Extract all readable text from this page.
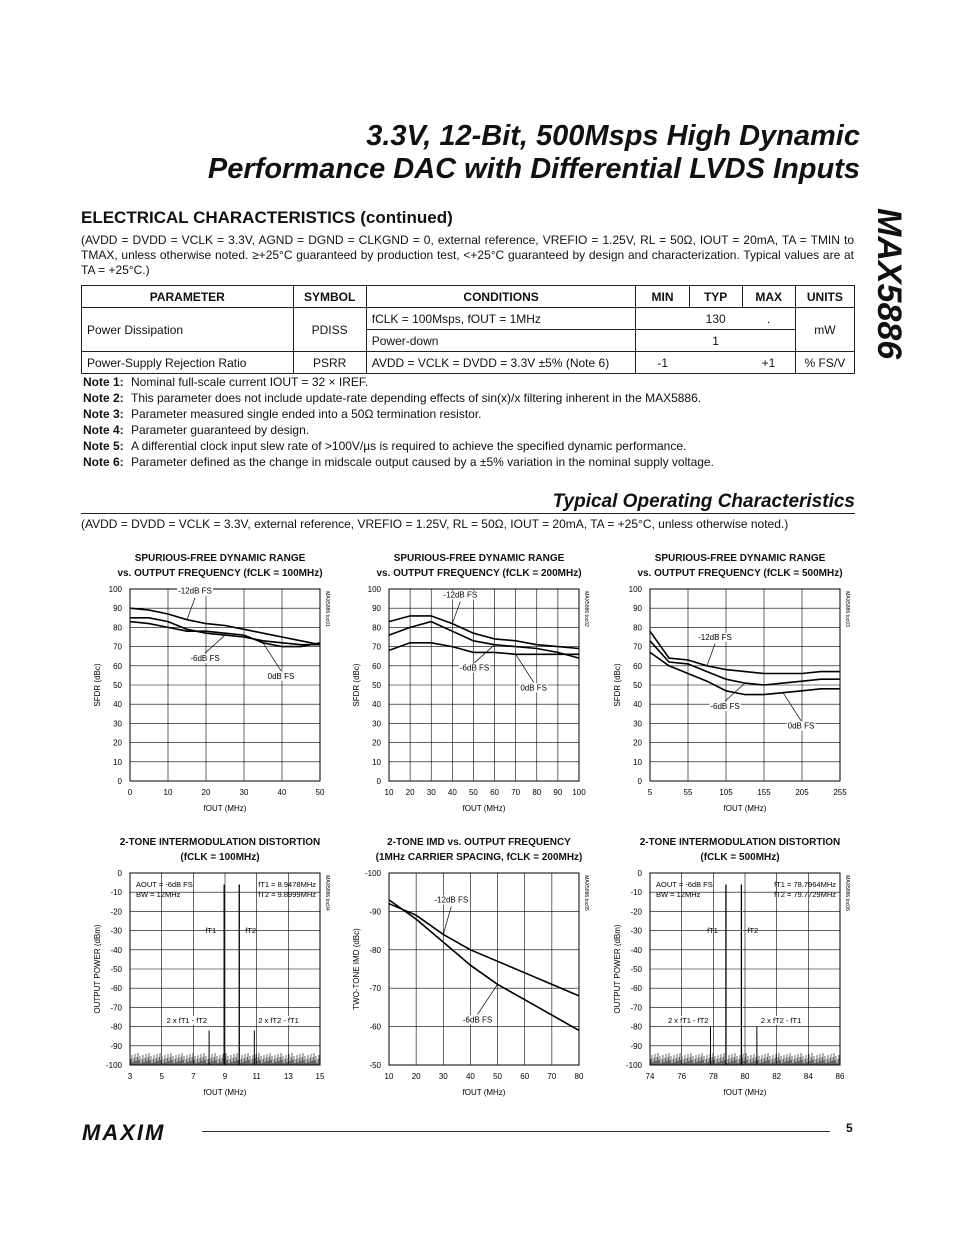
3.3V, 12-Bit, 500Msps High Dynamic
Performance DAC with Differential LVDS Inputs
MAX5886
ELECTRICAL CHARACTERISTICS (continued)
(AVDD = DVDD = VCLK = 3.3V, AGND = DGND = CLKGND = 0, external reference, VREFIO = 1.25V, RL = 50Ω, IOUT = 20mA, TA = TMIN to TMAX, unless otherwise noted. ≥+25°C guaranteed by production test, <+25°C guaranteed by design and characterization. Typical values are at TA = +25°C.)
PARAMETER	SYMBOL	CONDITIONS	MIN	TYP	MAX	UNITS
Power Dissipation	PDISS	fCLK = 100Msps, fOUT = 1MHz		130	.	mW
		Power-down		1		
Power-Supply Rejection Ratio	PSRR	AVDD = VCLK = DVDD = 3.3V ±5% (Note 6)	-1		+1	% FS/V
Note 1: Nominal full-scale current IOUT = 32 × IREF.
Note 2: This parameter does not include update-rate depending effects of sin(x)/x filtering inherent in the MAX5886.
Note 3: Parameter measured single ended into a 50Ω termination resistor.
Note 4: Parameter guaranteed by design.
Note 5: A differential clock input slew rate of >100V/µs is required to achieve the specified dynamic performance.
Note 6: Parameter defined as the change in midscale output caused by a ±5% variation in the nominal supply voltage.
Typical Operating Characteristics
(AVDD = DVDD = VCLK = 3.3V, external reference, VREFIO = 1.25V, RL = 50Ω, IOUT = 20mA, TA = +25°C, unless otherwise noted.)
SPURIOUS-FREE DYNAMIC RANGE
vs. OUTPUT FREQUENCY (fCLK = 100MHz)
0	10	20	30	40	50
0
10
20
30
40
50
60
70
80
90
100
fOUT (MHz)
SFDR (dBc)
MAX5886 toc01
-12dB FS
-6dB FS
0dB FS
SPURIOUS-FREE DYNAMIC RANGE
vs. OUTPUT FREQUENCY (fCLK = 200MHz)
10 20 30 40 50 60 70 80 90 100
0
10
20
30
40
50
60
70
80
90
100
fOUT (MHz)
SFDR (dBc)
MAX5886 toc02
-12dB FS
-6dB FS
0dB FS
SPURIOUS-FREE DYNAMIC RANGE
vs. OUTPUT FREQUENCY (fCLK = 500MHz)
5	55	105	155	205	255
0
10
20
30
40
50
60
70
80
90
100
fOUT (MHz)
SFDR (dBc)
MAX5886 toc03
-12dB FS
-6dB FS
0dB FS
2-TONE INTERMODULATION DISTORTION
(fCLK = 100MHz)
3	5	7	9	11	13	15
0
-10
-20
-30
-40
-50
-60
-70
-80
-90
-100
fOUT (MHz)
OUTPUT POWER (dBm)
MAX5886 toc04
AOUT = -6dB FS
BW = 12MHz
fT1 = 8.9478MHz
fT2 = 9.8999MHz
fT1	fT2
2 x fT1 - fT2	2 x fT2 - fT1
2-TONE IMD vs. OUTPUT FREQUENCY
(1MHz CARRIER SPACING, fCLK = 200MHz)
10 20 30 40 50 60 70 80
-100
-90
-80
-70
-60
-50
fOUT (MHz)
TWO-TONE IMD (dBc)
MAX5886 toc05
-12dB FS
-6dB FS
2-TONE INTERMODULATION DISTORTION
(fCLK = 500MHz)
74	76	78	80	82	84	86
0
-10
-20
-30
-40
-50
-60
-70
-80
-90
-100
fOUT (MHz)
OUTPUT POWER (dBm)
MAX5886 toc06
AOUT = -6dB FS
BW = 12MHz
fT1 = 78.7964MHz
fT2 = 79.7729MHz
fT1	fT2
2 x fT1 - fT2	2 x fT2 - fT1
MAXIM	5
